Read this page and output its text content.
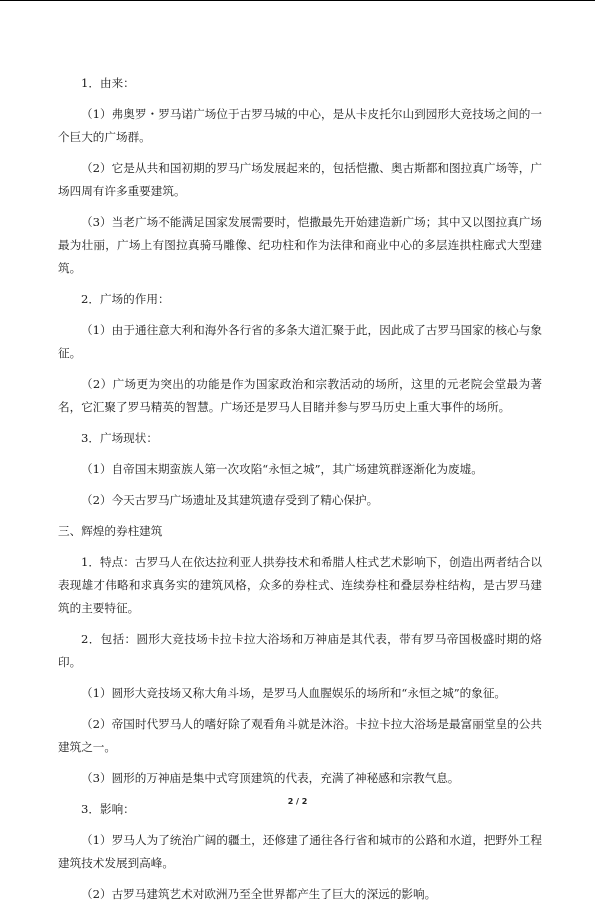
1．由来：

（1）弗奥罗・罗马诺广场位于古罗马城的中心，是从卡皮托尔山到园形大竞技场之间的一个巨大的广场群。

（2）它是从共和国初期的罗马广场发展起来的，包括恺撒、奥古斯都和图拉真广场等，广场四周有许多重要建筑。

（3）当老广场不能满足国家发展需要时，恺撒最先开始建造新广场；其中又以图拉真广场最为壮丽，广场上有图拉真骑马雕像、纪功柱和作为法律和商业中心的多层连拱柱廊式大型建筑。

2．广场的作用：

（1）由于通往意大利和海外各行省的多条大道汇聚于此，因此成了古罗马国家的核心与象征。

（2）广场更为突出的功能是作为国家政治和宗教活动的场所，这里的元老院会堂最为著名，它汇聚了罗马精英的智慧。广场还是罗马人目睹并参与罗马历史上重大事件的场所。

3．广场现状：

（1）自帝国末期蛮族人第一次攻陷“永恒之城”，其广场建筑群逐渐化为废墟。

（2）今天古罗马广场遗址及其建筑遗存受到了精心保护。

三、辉煌的券柱建筑

1．特点：古罗马人在依达拉利亚人拱券技术和希腊人柱式艺术影响下，创造出两者结合以表现雄才伟略和求真务实的建筑风格，众多的券柱式、连续券柱和叠层券柱结构，是古罗马建筑的主要特征。

2．包括：圆形大竞技场卡拉卡拉大浴场和万神庙是其代表，带有罗马帝国极盛时期的烙印。

（1）圆形大竞技场又称大角斗场，是罗马人血腥娱乐的场所和“永恒之城”的象征。

（2）帝国时代罗马人的嗜好除了观看角斗就是沐浴。卡拉卡拉大浴场是最富丽堂皇的公共建筑之一。

（3）圆形的万神庙是集中式穹顶建筑的代表，充满了神秘感和宗教气息。

3．影响：

（1）罗马人为了统治广阔的疆土，还修建了通往各行省和城市的公路和水道，把野外工程建筑技术发展到高峰。

（2）古罗马建筑艺术对欧洲乃至全世界都产生了巨大的深远的影响。

2 / 2
